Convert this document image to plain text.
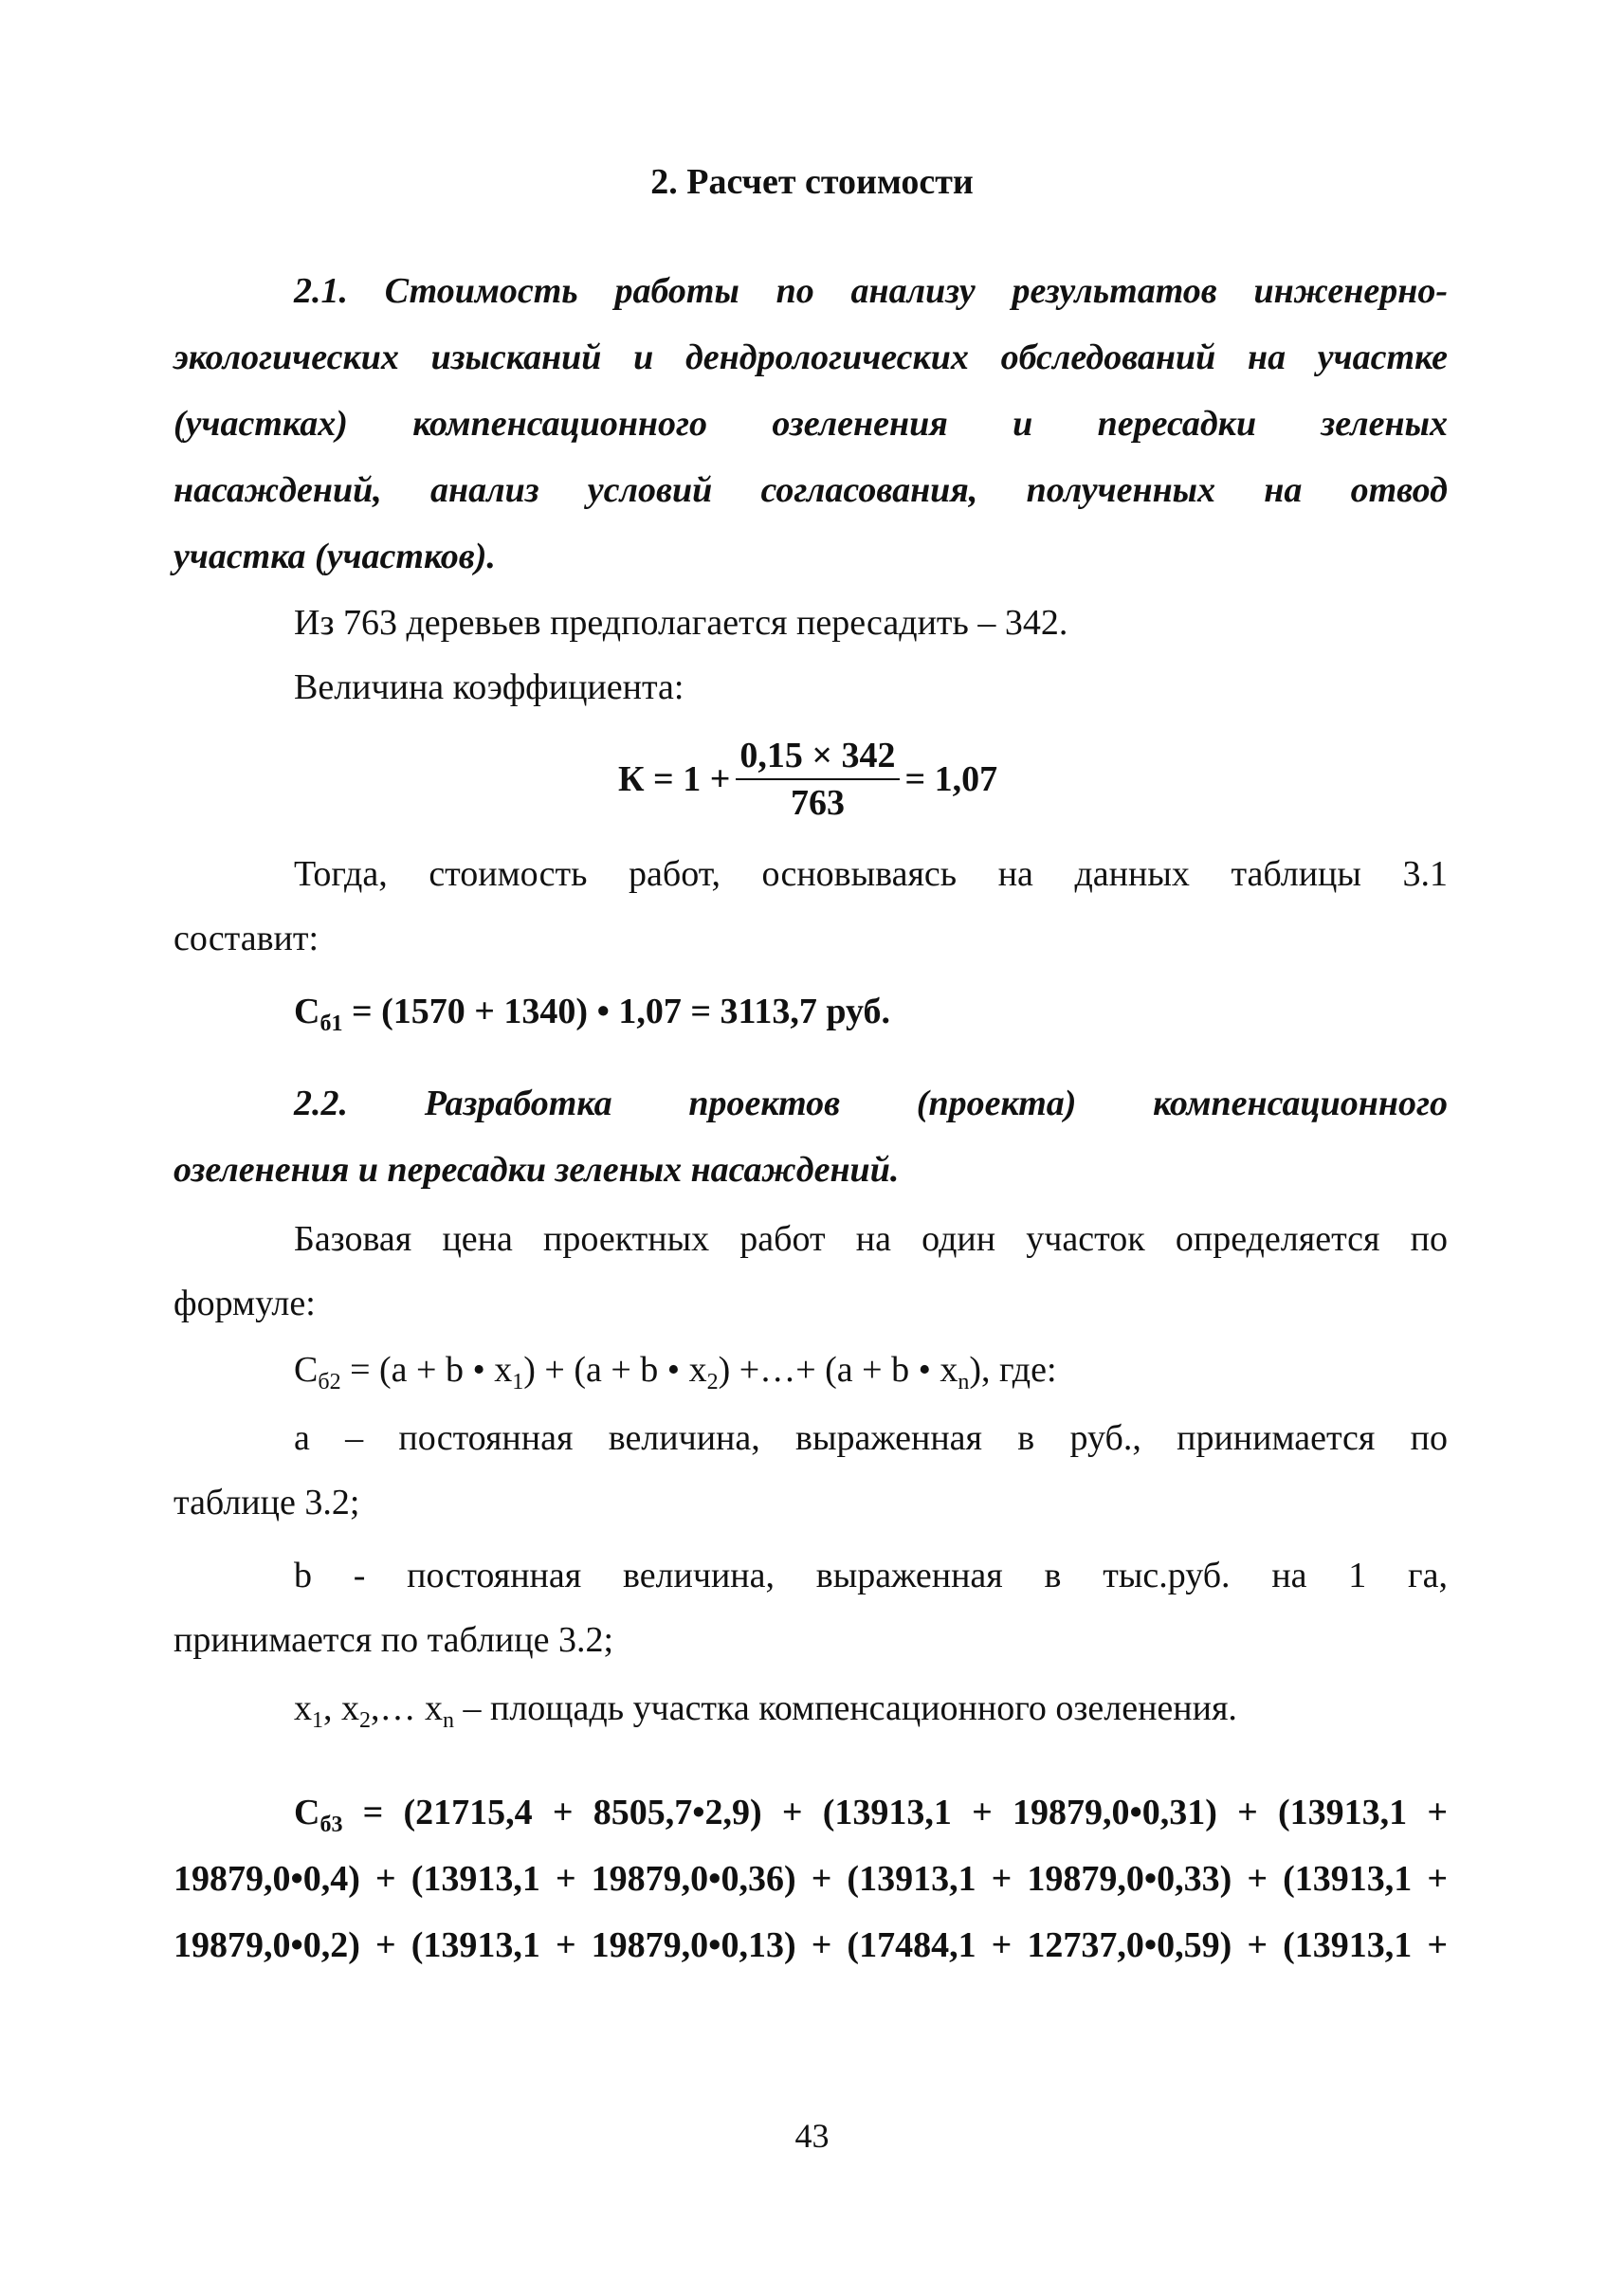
2. Расчет стоимости
2.1. Стоимость работы по анализу результатов инженерно-
экологических изысканий и дендрологических обследований на участке
(участках) компенсационного озеленения и пересадки зеленых
насаждений, анализ условий согласования, полученных на отвод
участка (участков).
Из 763 деревьев предполагается пересадить – 342.
Величина коэффициента:
$К = 1 + \frac{0,15 \times 342}{763} = 1,07$
Тогда, стоимость работ, основываясь на данных таблицы 3.1
составит:
$С_{б1} = (1570 + 1340)$ • 1,07 = 3113,7 руб.
2.2. Разработка проектов (проекта) компенсационного
озеленения и пересадки зеленых насаждений.
Базовая цена проектных работ на один участок определяется по
формуле:
$С_{б2} = (a + b$ • $x_1) + (a + b$ • $x_2$) +…+ (a + b • $x_n$), где:
а – постоянная величина, выраженная в руб., принимается по
таблице 3.2;
b - постоянная величина, выраженная в тыс.руб. на 1 га,
принимается по таблице 3.2;
$x_1$, $x_2,\dots$ $x_n$ – площадь участка компенсационного озеленения.
$С_{б3} = (21715,4$ + 8505,7•2,9) + (13913,1 + 19879,0•0,31) + (13913,1 +
19879,0•0,4) + (13913,1 + 19879,0•0,36) + (13913,1 + 19879,0•0,33) + (13913,1 +
19879,0•0,2) + (13913,1 + 19879,0•0,13) + (17484,1 + 12737,0•0,59) + (13913,1 +
43
